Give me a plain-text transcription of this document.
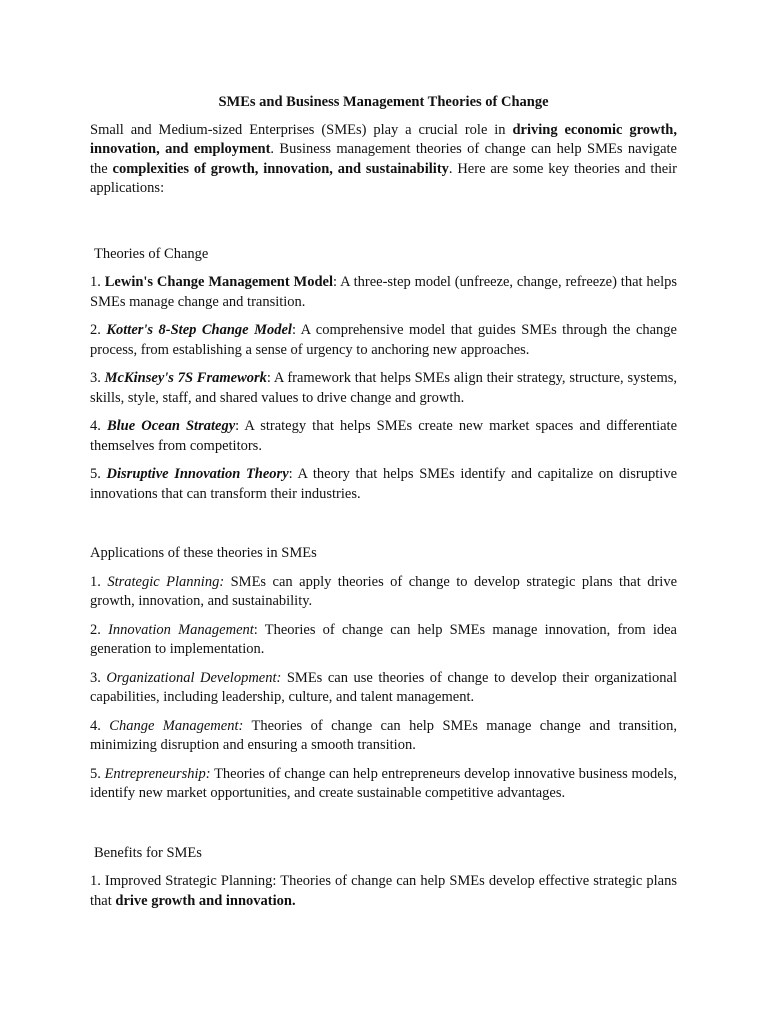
SMEs and Business Management Theories of Change

Small and Medium-sized Enterprises (SMEs) play a crucial role in driving economic growth, innovation, and employment. Business management theories of change can help SMEs navigate the complexities of growth, innovation, and sustainability. Here are some key theories and their applications:

Theories of Change

1. Lewin's Change Management Model: A three-step model (unfreeze, change, refreeze) that helps SMEs manage change and transition.

2. Kotter's 8-Step Change Model: A comprehensive model that guides SMEs through the change process, from establishing a sense of urgency to anchoring new approaches.

3. McKinsey's 7S Framework: A framework that helps SMEs align their strategy, structure, systems, skills, style, staff, and shared values to drive change and growth.

4. Blue Ocean Strategy: A strategy that helps SMEs create new market spaces and differentiate themselves from competitors.

5. Disruptive Innovation Theory: A theory that helps SMEs identify and capitalize on disruptive innovations that can transform their industries.

Applications of these theories in SMEs

1. Strategic Planning: SMEs can apply theories of change to develop strategic plans that drive growth, innovation, and sustainability.

2. Innovation Management: Theories of change can help SMEs manage innovation, from idea generation to implementation.

3. Organizational Development: SMEs can use theories of change to develop their organizational capabilities, including leadership, culture, and talent management.

4. Change Management: Theories of change can help SMEs manage change and transition, minimizing disruption and ensuring a smooth transition.

5. Entrepreneurship: Theories of change can help entrepreneurs develop innovative business models, identify new market opportunities, and create sustainable competitive advantages.

Benefits for SMEs

1. Improved Strategic Planning: Theories of change can help SMEs develop effective strategic plans that drive growth and innovation.
